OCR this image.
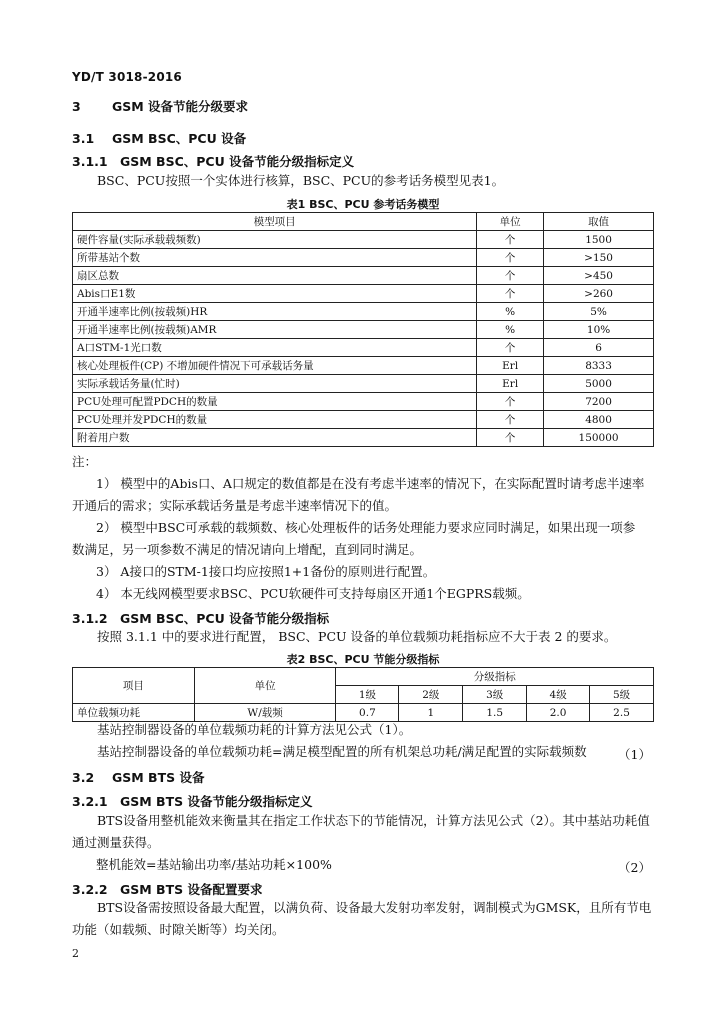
YD/T 3018-2016
3	GSM 设备节能分级要求
3.1 GSM BSC、PCU 设备
3.1.1 GSM BSC、PCU 设备节能分级指标定义
BSC、PCU按照一个实体进行核算，BSC、PCU的参考话务模型见表1。
表1 BSC、PCU 参考话务模型
模型项目	单位	取值
硬件容量(实际承载载频数)	个	1500
所带基站个数	个	>150
扇区总数	个	>450
Abis口E1数	个	>260
开通半速率比例(按载频)HR	%	5%
开通半速率比例(按载频)AMR	%	10%
A口STM-1光口数	个	6
核心处理板件(CP) 不增加硬件情况下可承载话务量	Erl	8333
实际承载话务量(忙时)	Erl	5000
PCU处理可配置PDCH的数量	个	7200
PCU处理并发PDCH的数量	个	4800
附着用户数	个	150000
注：
1） 模型中的Abis口、A口规定的数值都是在没有考虑半速率的情况下，在实际配置时请考虑半速率
开通后的需求；实际承载话务量是考虑半速率情况下的值。
2） 模型中BSC可承载的载频数、核心处理板件的话务处理能力要求应同时满足，如果出现一项参
数满足，另一项参数不满足的情况请向上增配，直到同时满足。
3） A接口的STM-1接口均应按照1+1备份的原则进行配置。
4） 本无线网模型要求BSC、PCU软硬件可支持每扇区开通1个EGPRS载频。
3.1.2 GSM BSC、PCU 设备节能分级指标
按照 3.1.1 中的要求进行配置， BSC、PCU 设备的单位载频功耗指标应不大于表 2 的要求。
表2 BSC、PCU 节能分级指标
项目	单位	分级指标				
		1级	2级	3级	4级	5级
单位载频功耗	W/载频	0.7	1	1.5	2.0	2.5
基站控制器设备的单位载频功耗的计算方法见公式（1）。
基站控制器设备的单位载频功耗=满足模型配置的所有机架总功耗/满足配置的实际载频数	（1）
3.2 GSM BTS 设备
3.2.1 GSM BTS 设备节能分级指标定义
BTS设备用整机能效来衡量其在指定工作状态下的节能情况，计算方法见公式（2）。其中基站功耗值
通过测量获得。
整机能效=基站输出功率/基站功耗×100%	（2）
3.2.2 GSM BTS 设备配置要求
BTS设备需按照设备最大配置，以满负荷、设备最大发射功率发射，调制模式为GMSK，且所有节电
功能（如载频、时隙关断等）均关闭。
2
